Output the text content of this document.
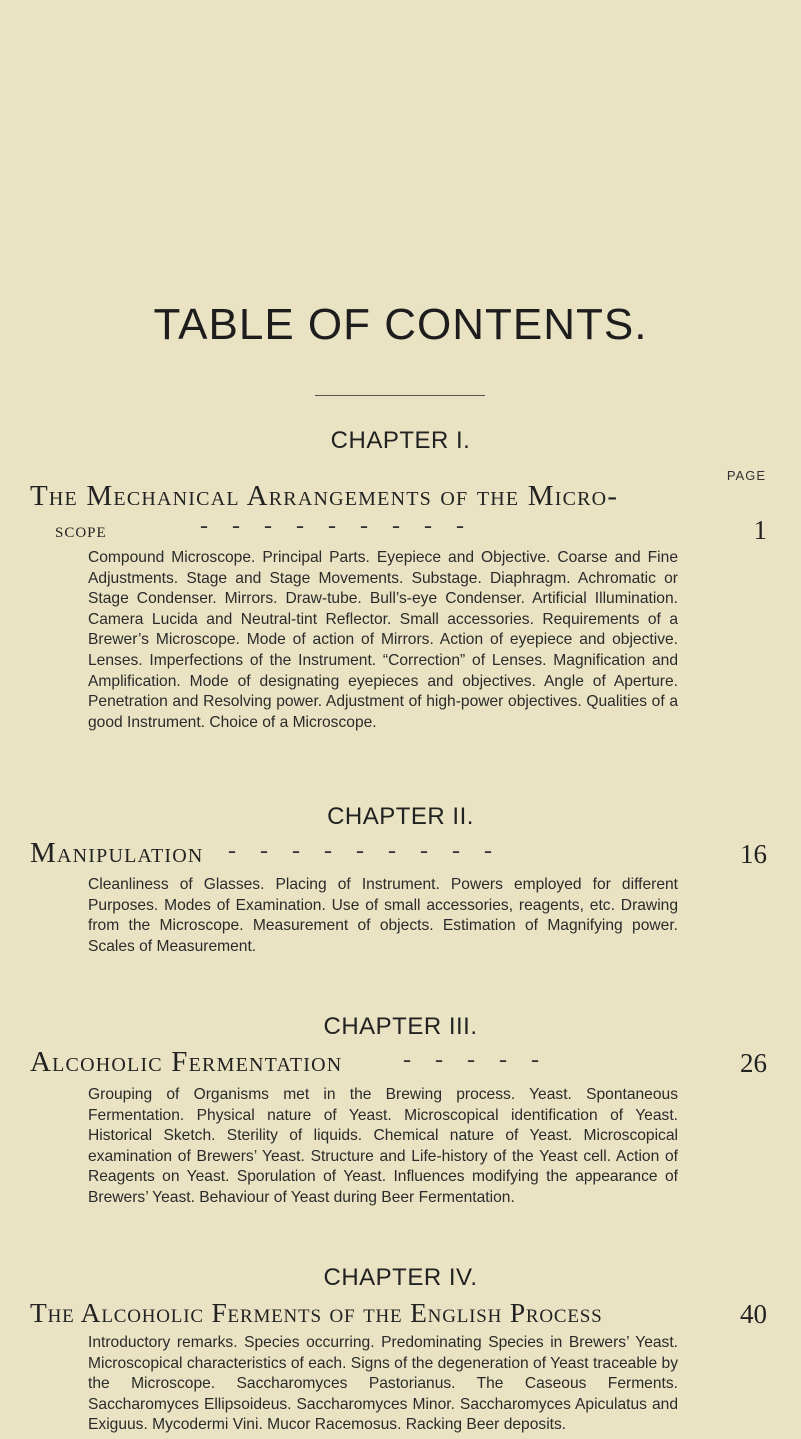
TABLE OF CONTENTS.
CHAPTER I.
PAGE
The Mechanical Arrangements of the Micro-
scope	---------	1

Compound Microscope. Principal Parts. Eyepiece and Objective. Coarse and Fine Adjustments. Stage and Stage Movements. Substage. Diaphragm. Achromatic or Stage Condenser. Mirrors. Draw-tube. Bull’s-eye Condenser. Artificial Illumination. Camera Lucida and Neutral-tint Reflector. Small accessories. Requirements of a Brewer’s Microscope. Mode of action of Mirrors. Action of eyepiece and objective. Lenses. Imperfections of the Instrument. “Correction” of Lenses. Magnification and Amplification. Mode of designating eyepieces and objectives. Angle of Aperture. Penetration and Resolving power. Adjustment of high-power objectives. Qualities of a good Instrument. Choice of a Microscope.

CHAPTER II.
Manipulation	---------	16

Cleanliness of Glasses. Placing of Instrument. Powers employed for different Purposes. Modes of Examination. Use of small accessories, reagents, etc. Drawing from the Microscope. Measurement of objects. Estimation of Magnifying power. Scales of Measurement.

CHAPTER III.
Alcoholic Fermentation	-----	26

Grouping of Organisms met in the Brewing process. Yeast. Spontaneous Fermentation. Physical nature of Yeast. Microscopical identification of Yeast. Historical Sketch. Sterility of liquids. Chemical nature of Yeast. Microscopical examination of Brewers’ Yeast. Structure and Life-history of the Yeast cell. Action of Reagents on Yeast. Sporulation of Yeast. Influences modifying the appearance of Brewers’ Yeast. Behaviour of Yeast during Beer Fermentation.

CHAPTER IV.
The Alcoholic Ferments of the English Process	40

Introductory remarks. Species occurring. Predominating Species in Brewers’ Yeast. Microscopical characteristics of each. Signs of the degeneration of Yeast traceable by the Microscope. Saccharomyces Pastorianus. The Caseous Ferments. Saccharomyces Ellipsoideus. Saccharomyces Minor. Saccharomyces Apiculatus and Exiguus. Mycodermi Vini. Mucor Racemosus. Racking Beer deposits.
